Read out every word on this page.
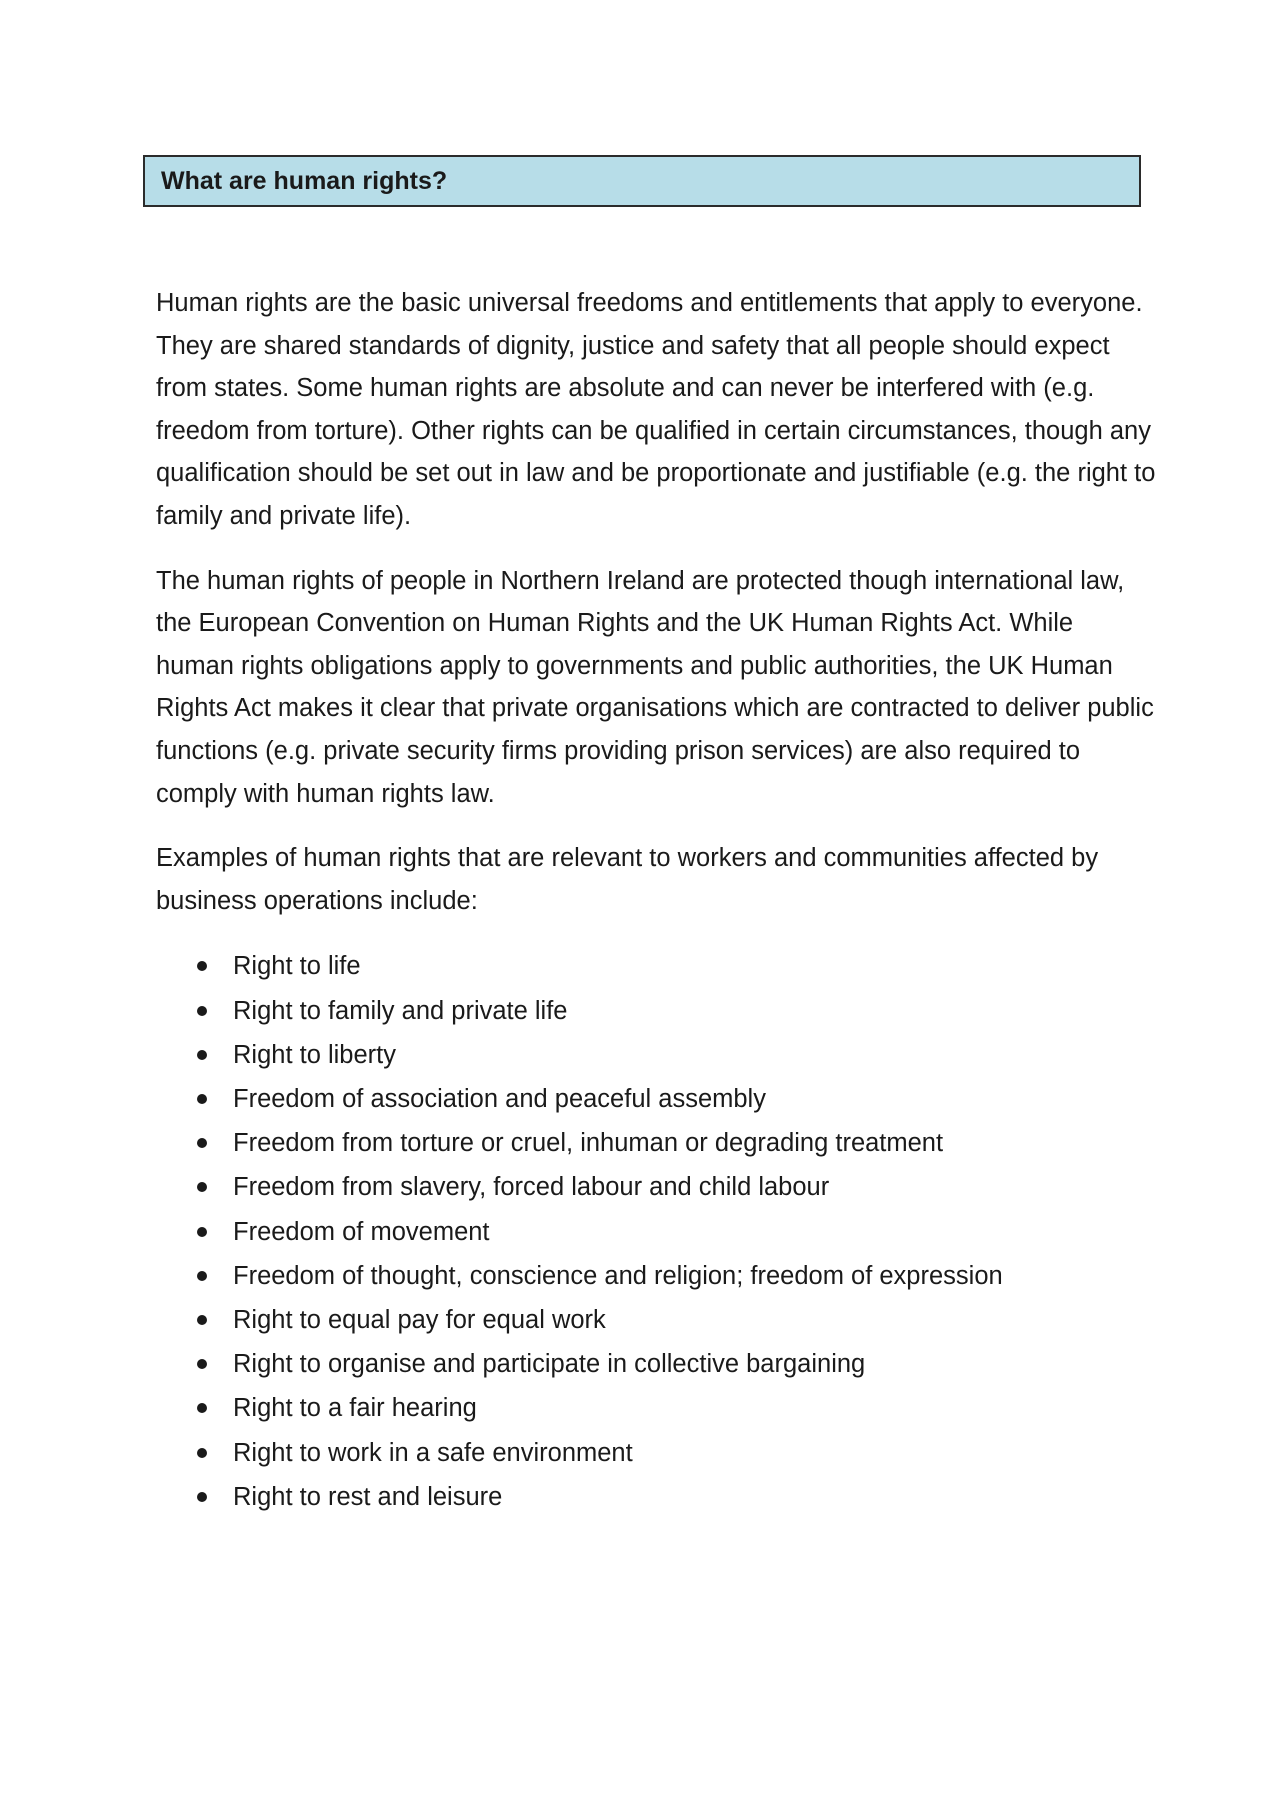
What are human rights?

Human rights are the basic universal freedoms and entitlements that apply to everyone. They are shared standards of dignity, justice and safety that all people should expect from states. Some human rights are absolute and can never be interfered with (e.g. freedom from torture). Other rights can be qualified in certain circumstances, though any qualification should be set out in law and be proportionate and justifiable (e.g. the right to family and private life).

The human rights of people in Northern Ireland are protected though international law, the European Convention on Human Rights and the UK Human Rights Act. While human rights obligations apply to governments and public authorities, the UK Human Rights Act makes it clear that private organisations which are contracted to deliver public functions (e.g. private security firms providing prison services) are also required to comply with human rights law.

Examples of human rights that are relevant to workers and communities affected by business operations include:

Right to life
Right to family and private life
Right to liberty
Freedom of association and peaceful assembly
Freedom from torture or cruel, inhuman or degrading treatment
Freedom from slavery, forced labour and child labour
Freedom of movement
Freedom of thought, conscience and religion; freedom of expression
Right to equal pay for equal work
Right to organise and participate in collective bargaining
Right to a fair hearing
Right to work in a safe environment
Right to rest and leisure
